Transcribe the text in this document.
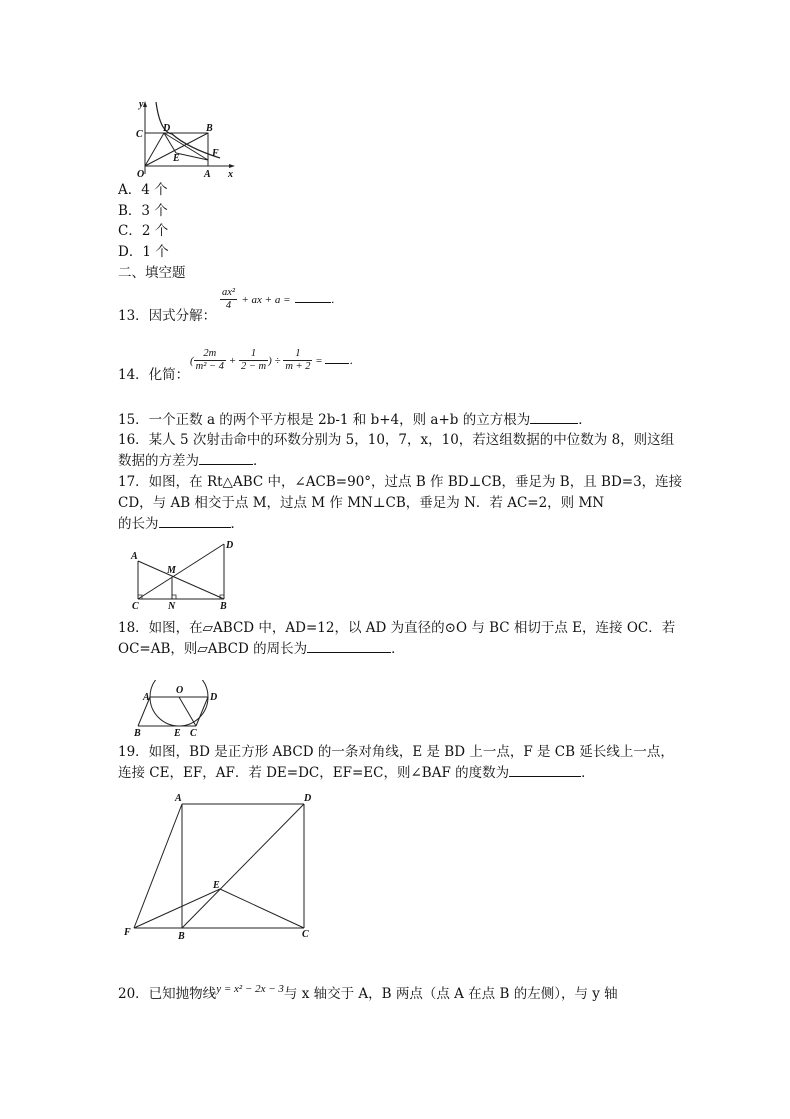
y
x
O
C
D	B
E	F
A
A．4 个
B．3 个
C．2 个
D．1 个
二、填空题
13．因式分解：
$\frac{\text{ax²}}{4}$ + ax + a =	．
14．化简：
( $\frac{2m}{\text{m² − 4}} + \frac{1}{2 - m}$ ) ÷ $\frac{1}{m + 2}$ = ．
15．一个正数 a 的两个平方根是 2b-1 和 b+4，则 a+b 的立方根为	．
16．某人 5 次射击命中的环数分别为 5，10，7，x，10，若这组数据的中位数为 8，则这组
数据的方差为	．
17．如图，在 Rt△ABC 中，∠ACB=90°，过点 B 作 BD⊥CB，垂足为 B，且 BD=3，连接
CD，与 AB 相交于点 M，过点 M 作 MN⊥CB，垂足为 N．若 AC=2，则 MN
的长为	．
A
M
D
C	N	B
18．如图，在▱ABCD 中，AD=12，以 AD 为直径的⊙O 与 BC 相切于点 E，连接 OC．若
OC=AB，则▱ABCD 的周长为	．
A
O
D
B	E C
19．如图，BD 是正方形 ABCD 的一条对角线，E 是 BD 上一点，F 是 CB 延长线上一点，
连接 CE，EF，AF．若 DE=DC，EF=EC，则∠BAF 的度数为	．
A	D
E
F	B	C
20．已知抛物线$^{y = x^2 - 2x - 3}$与 x 轴交于 A，B 两点（点 A 在点 B 的左侧），与 y 轴
